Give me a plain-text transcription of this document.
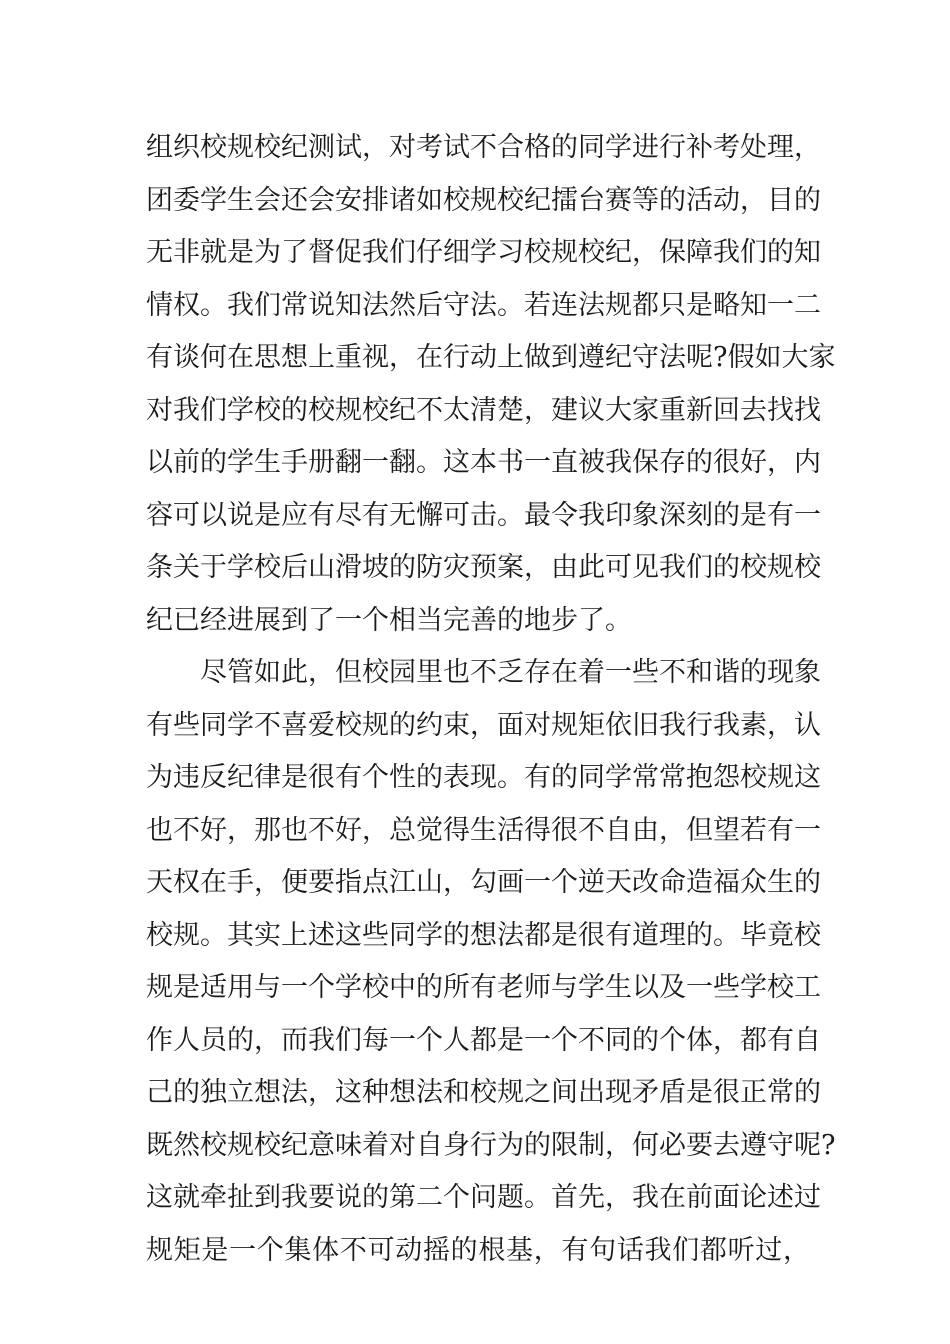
组织校规校纪测试，对考试不合格的同学进行补考处理，
团委学生会还会安排诸如校规校纪擂台赛等的活动，目的
无非就是为了督促我们仔细学习校规校纪，保障我们的知
情权。我们常说知法然后守法。若连法规都只是略知一二
有谈何在思想上重视，在行动上做到遵纪守法呢?假如大家
对我们学校的校规校纪不太清楚，建议大家重新回去找找
以前的学生手册翻一翻。这本书一直被我保存的很好，内
容可以说是应有尽有无懈可击。最令我印象深刻的是有一
条关于学校后山滑坡的防灾预案，由此可见我们的校规校
纪已经进展到了一个相当完善的地步了。
尽管如此，但校园里也不乏存在着一些不和谐的现象
有些同学不喜爱校规的约束，面对规矩依旧我行我素，认
为违反纪律是很有个性的表现。有的同学常常抱怨校规这
也不好，那也不好，总觉得生活得很不自由，但望若有一
天权在手，便要指点江山，勾画一个逆天改命造福众生的
校规。其实上述这些同学的想法都是很有道理的。毕竟校
规是适用与一个学校中的所有老师与学生以及一些学校工
作人员的，而我们每一个人都是一个不同的个体，都有自
己的独立想法，这种想法和校规之间出现矛盾是很正常的
既然校规校纪意味着对自身行为的限制，何必要去遵守呢?
这就牵扯到我要说的第二个问题。首先，我在前面论述过
规矩是一个集体不可动摇的根基，有句话我们都听过，
